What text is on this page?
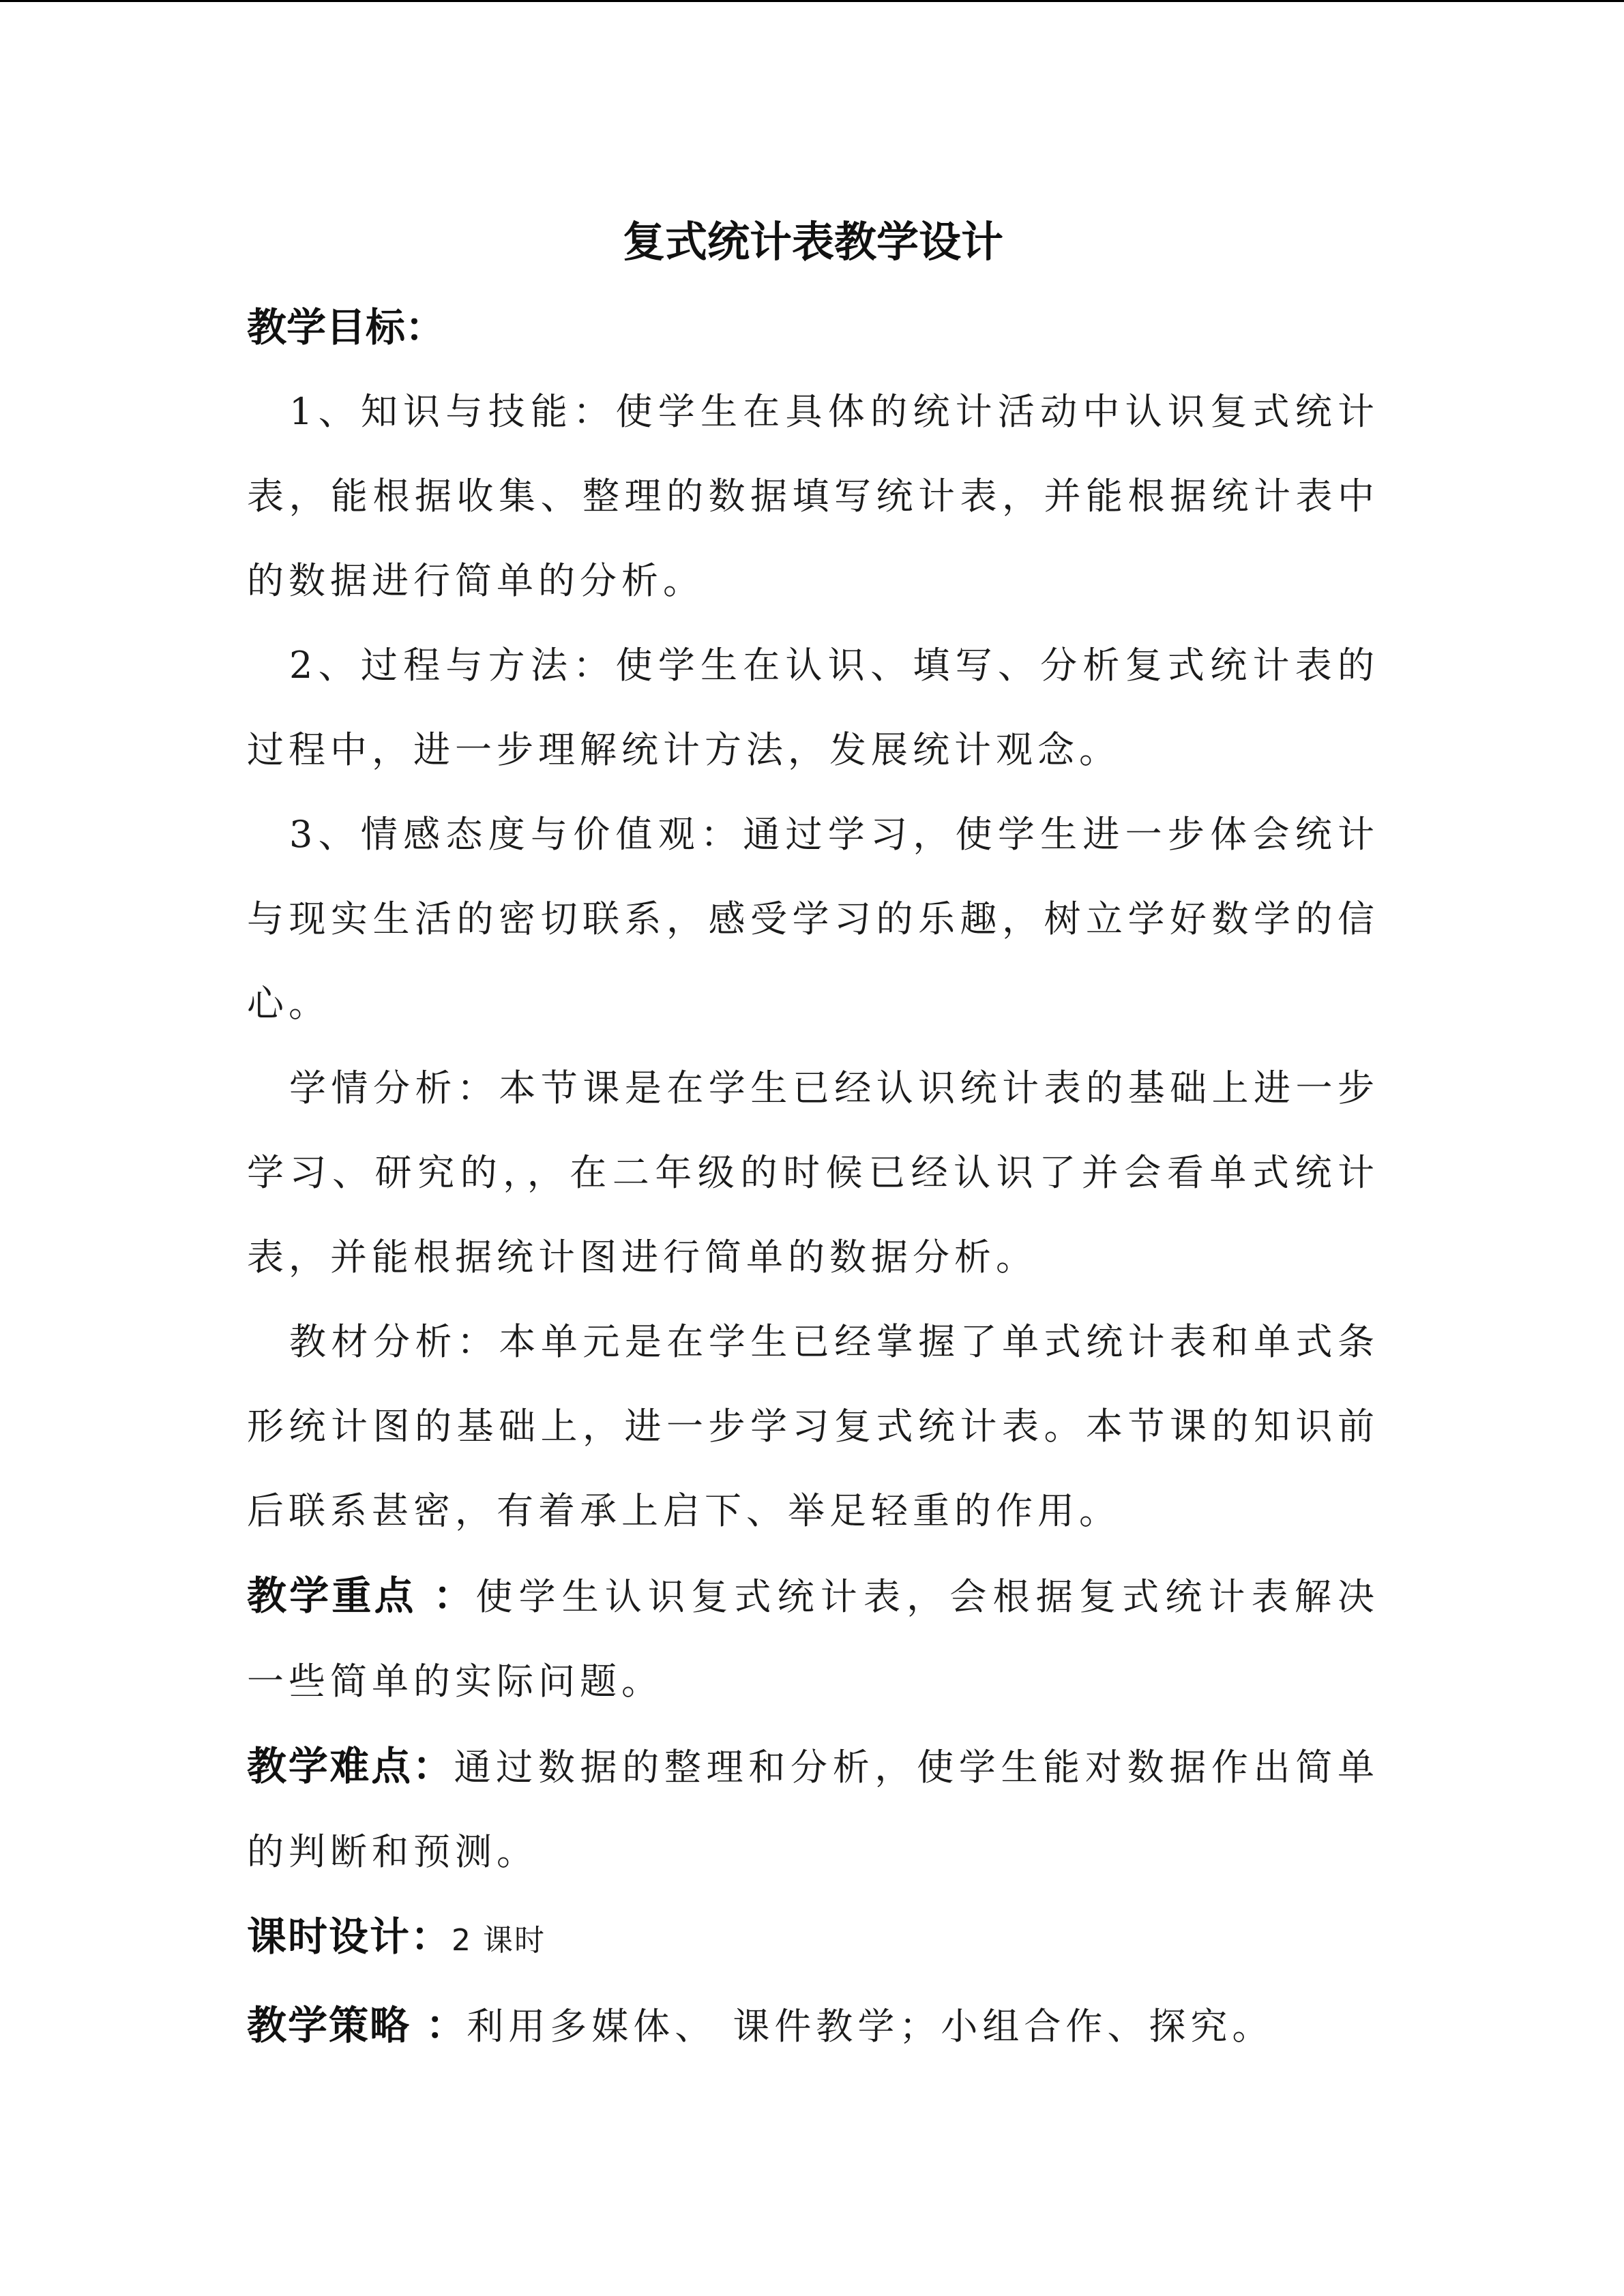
复式统计表教学设计
教学目标：

1、知识与技能：使学生在具体的统计活动中认识复式统计表，能根据收集、整理的数据填写统计表，并能根据统计表中的数据进行简单的分析。

2、过程与方法：使学生在认识、填写、分析复式统计表的过程中，进一步理解统计方法，发展统计观念。

3、情感态度与价值观：通过学习，使学生进一步体会统计与现实生活的密切联系，感受学习的乐趣，树立学好数学的信心。

学情分析：本节课是在学生已经认识统计表的基础上进一步学习、研究的，，在二年级的时候已经认识了并会看单式统计表，并能根据统计图进行简单的数据分析。

教材分析：本单元是在学生已经掌握了单式统计表和单式条形统计图的基础上，进一步学习复式统计表。本节课的知识前后联系甚密，有着承上启下、举足轻重的作用。

教学重点 ：使学生认识复式统计表，会根据复式统计表解决一些简单的实际问题。

教学难点：通过数据的整理和分析，使学生能对数据作出简单的判断和预测。

课时设计：2 课时

教学策略 ：利用多媒体、 课件教学；小组合作、探究。
